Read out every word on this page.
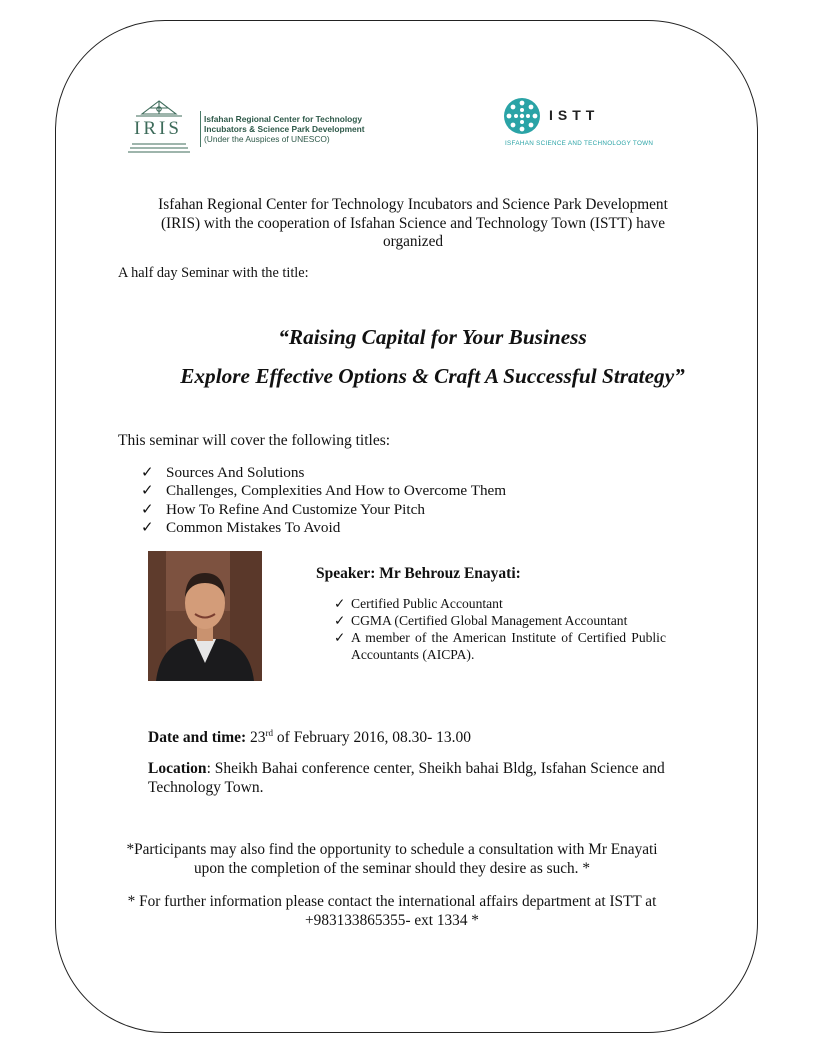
IRIS	Isfahan Regional Center for Technology
Incubators & Science Park Development
(Under the Auspices of UNESCO)
ISTT
ISFAHAN SCIENCE AND TECHNOLOGY TOWN
Isfahan Regional Center for Technology Incubators and Science Park Development
(IRIS) with the cooperation of Isfahan Science and Technology Town (ISTT) have
organized
A half day Seminar with the title:
“Raising Capital for Your Business
Explore Effective Options & Craft A Successful Strategy”
This seminar will cover the following titles:
✓ Sources And Solutions
✓ Challenges, Complexities And How to Overcome Them
✓ How To Refine And Customize Your Pitch
✓ Common Mistakes To Avoid
Speaker: Mr Behrouz Enayati:
✓ Certified Public Accountant
✓ CGMA (Certified Global Management Accountant
✓ A member of the American Institute of Certified Public Accountants (AICPA).
Date and time: 23rd of February 2016, 08.30- 13.00
Location: Sheikh Bahai conference center, Sheikh bahai Bldg, Isfahan Science and Technology Town.
*Participants may also find the opportunity to schedule a consultation with Mr Enayati
upon the completion of the seminar should they desire as such. *
* For further information please contact the international affairs department at ISTT at
+983133865355- ext 1334 *
